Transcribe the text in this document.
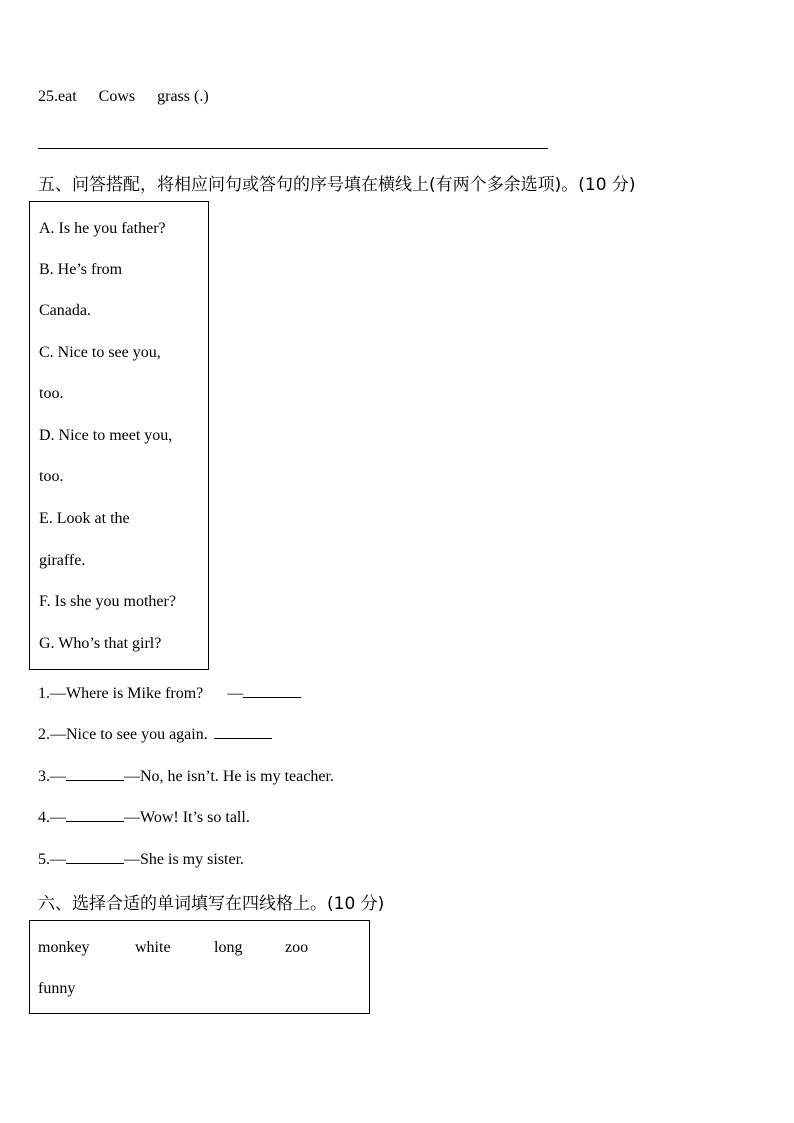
25.eat Cows grass (.)
五、问答搭配，将相应问句或答句的序号填在横线上(有两个多余选项)。(10 分)
A. Is he you father?
B. He’s from
Canada.
C. Nice to see you,
too.
D. Nice to meet you,
too.
E. Look at the
giraffe.
F. Is she you mother?
G. Who’s that girl?
1.—Where is Mike from? —
2.—Nice to see you again.
3.—	—No, he isn’t. He is my teacher.
4.—	—Wow! It’s so tall.
5.—	—She is my sister.
六、选择合适的单词填写在四线格上。(10 分)
monkey	white	long	zoo
funny
